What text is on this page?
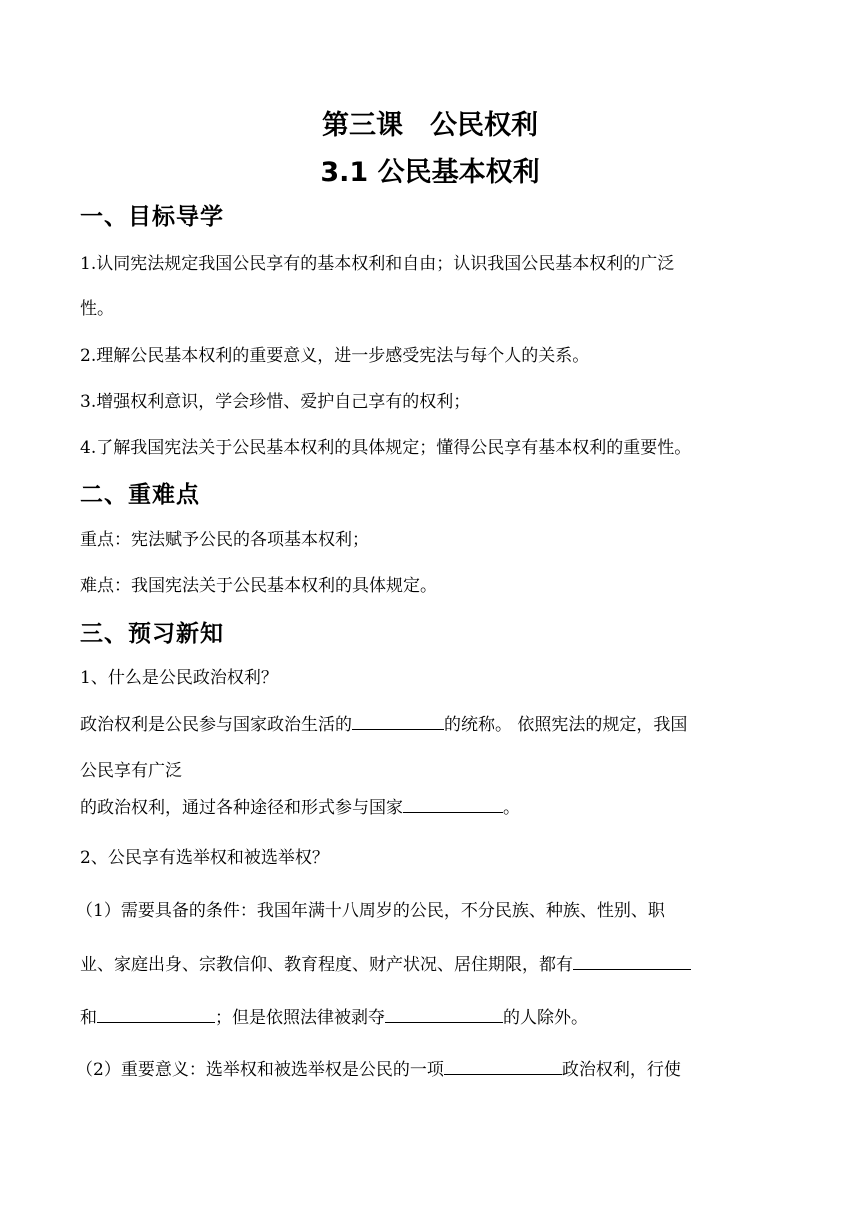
第三课　公民权利
3.1 公民基本权利
一、目标导学
1.认同宪法规定我国公民享有的基本权利和自由；认识我国公民基本权利的广泛
性。
2.理解公民基本权利的重要意义，进一步感受宪法与每个人的关系。
3.增强权利意识，学会珍惜、爱护自己享有的权利；
4.了解我国宪法关于公民基本权利的具体规定；懂得公民享有基本权利的重要性。
二、重难点
重点：宪法赋予公民的各项基本权利；
难点：我国宪法关于公民基本权利的具体规定。
三、预习新知
1、什么是公民政治权利？
政治权利是公民参与国家政治生活的	的统称。 依照宪法的规定，我国
公民享有广泛
的政治权利，通过各种途径和形式参与国家	。
2、公民享有选举权和被选举权？
（1）需要具备的条件：我国年满十八周岁的公民，不分民族、种族、性别、职
业、家庭出身、宗教信仰、教育程度、财产状况、居住期限，都有
和	；但是依照法律被剥夺	的人除外。
（2）重要意义：选举权和被选举权是公民的一项	政治权利，行使
